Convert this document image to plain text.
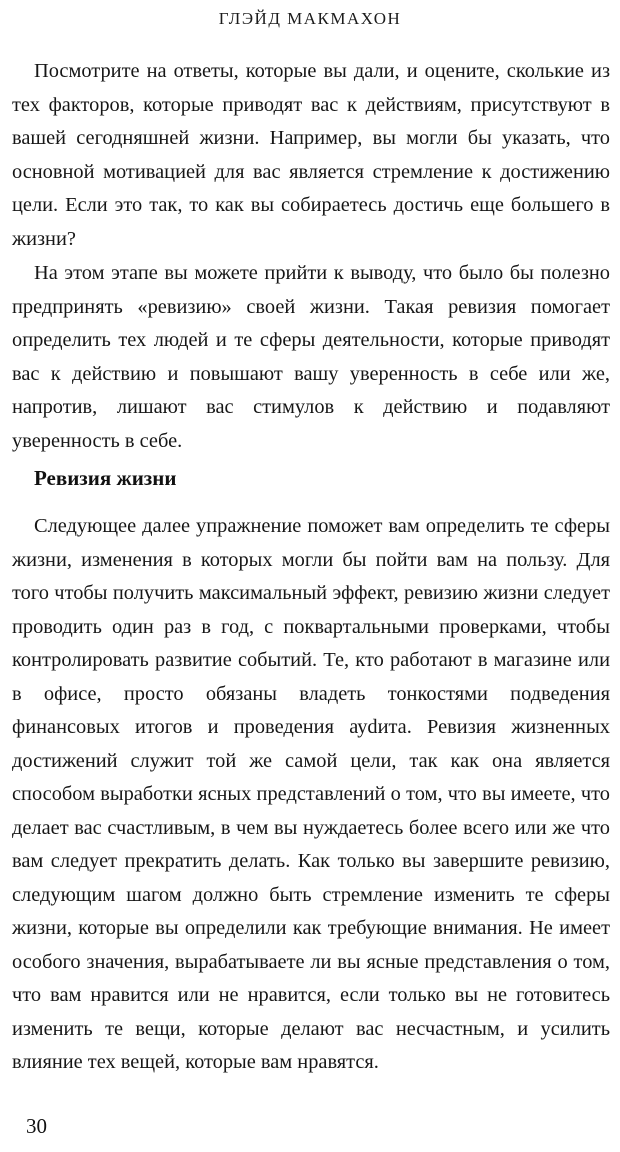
ГЛЭЙД МАКМАХОН

Посмотрите на ответы, которые вы дали, и оцените, сколькие из тех факторов, которые приводят вас к действиям, присутствуют в вашей сегодняшней жизни. Например, вы могли бы указать, что основной мотивацией для вас является стремление к достижению цели. Если это так, то как вы собираетесь достичь еще большего в жизни?

На этом этапе вы можете прийти к выводу, что было бы полезно предпринять «ревизию» своей жизни. Такая ревизия помогает определить тех людей и те сферы деятельности, которые приводят вас к действию и повышают вашу уверенность в себе или же, напротив, лишают вас стимулов к действию и подавляют уверенность в себе.

Ревизия жизни

Следующее далее упражнение поможет вам определить те сферы жизни, изменения в которых могли бы пойти вам на пользу. Для того чтобы получить максимальный эффект, ревизию жизни следует проводить один раз в год, с поквартальными проверками, чтобы контролировать развитие событий. Те, кто работают в магазине или в офисе, просто обязаны владеть тонкостями подведения финансовых итогов и проведения ауdита. Ревизия жизненных достижений служит той же самой цели, так как она является способом выработки ясных представлений о том, что вы имеете, что делает вас счастливым, в чем вы нуждаетесь более всего или же что вам следует прекратить делать. Как только вы завершите ревизию, следующим шагом должно быть стремление изменить те сферы жизни, которые вы определили как требующие внимания. Не имеет особого значения, вырабатываете ли вы ясные представления о том, что вам нравится или не нравится, если только вы не готовитесь изменить те вещи, которые делают вас несчастным, и усилить влияние тех вещей, которые вам нравятся.

30
